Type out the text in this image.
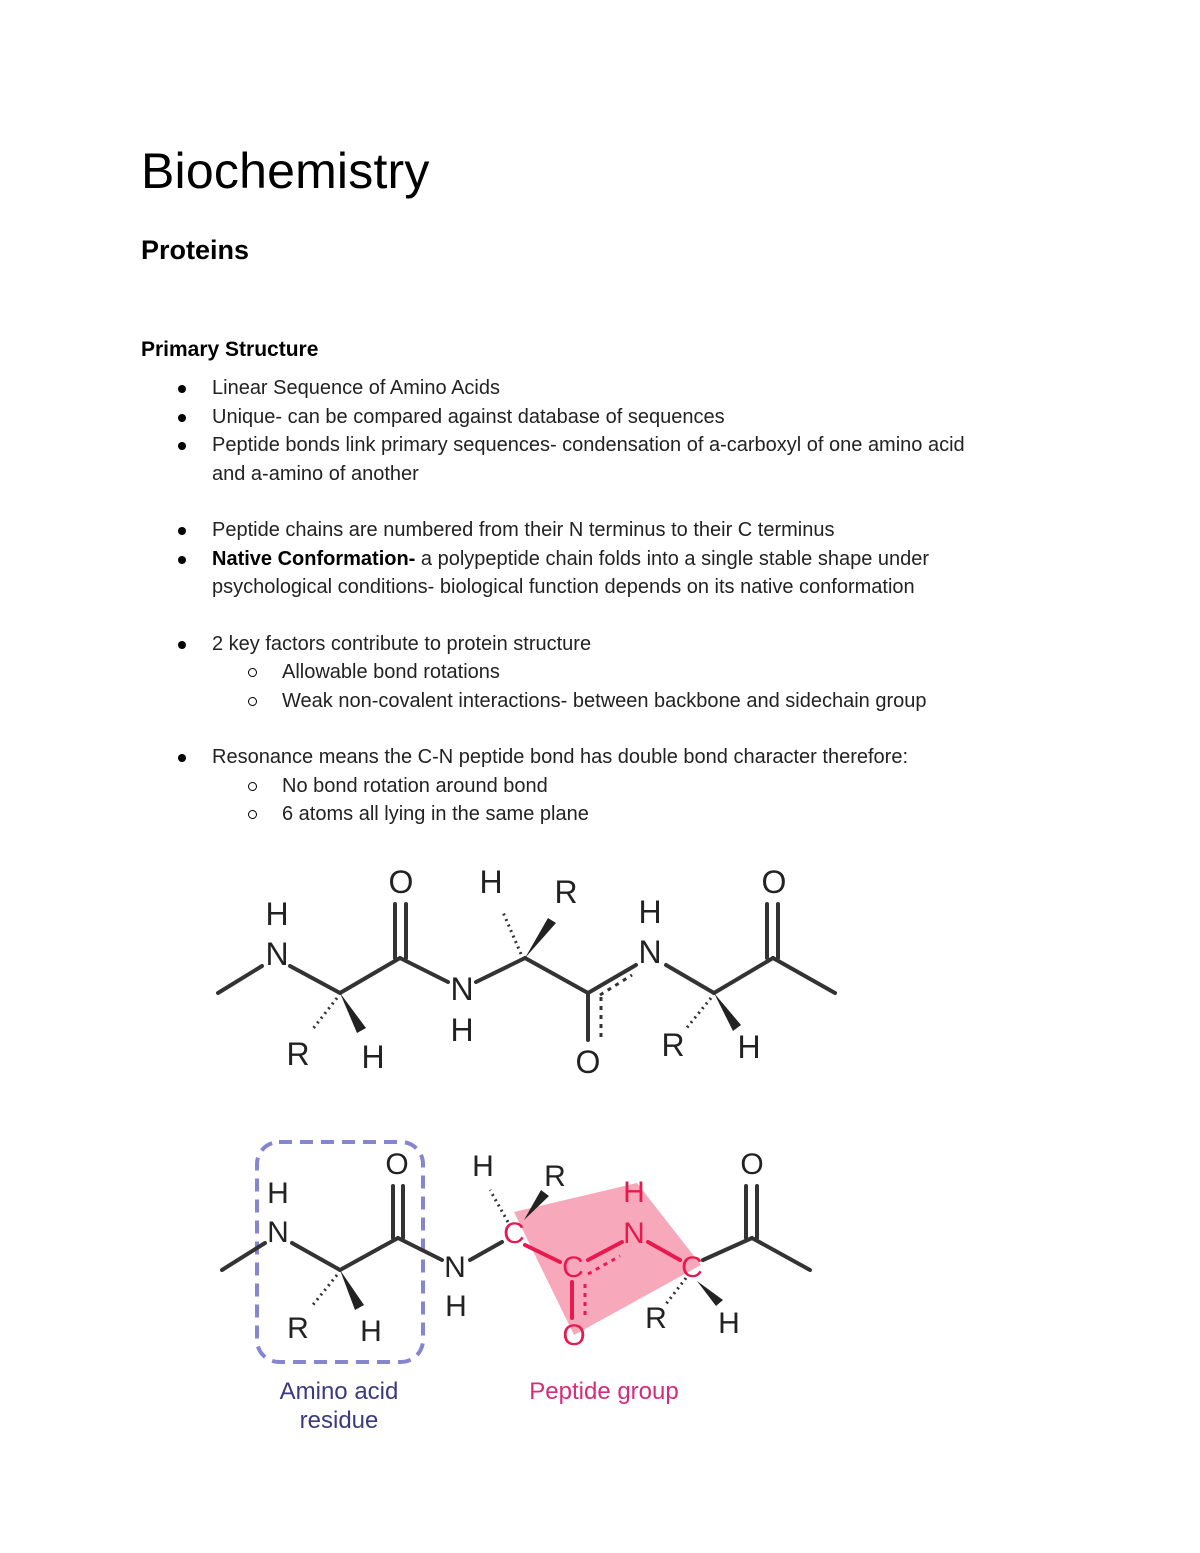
Biochemistry
Proteins
Primary Structure
Linear Sequence of Amino Acids
Unique- can be compared against database of sequences
Peptide bonds link primary sequences- condensation of a-carboxyl of one amino acid
and a-amino of another
Peptide chains are numbered from their N terminus to their C terminus
Native Conformation- a polypeptide chain folds into a single stable shape under
psychological conditions- biological function depends on its native conformation
2 key factors contribute to protein structure
Allowable bond rotations
Weak non-covalent interactions- between backbone and sidechain group
Resonance means the C-N peptide bond has double bond character therefore:
No bond rotation around bond
6 atoms all lying in the same plane
H
N
O
R H
N
H
H R
H
N
O R H
O
H
N
O
R H
N
H
H R
R H
O
C
C
O
H
N
C
Amino acid
residue
Peptide group
